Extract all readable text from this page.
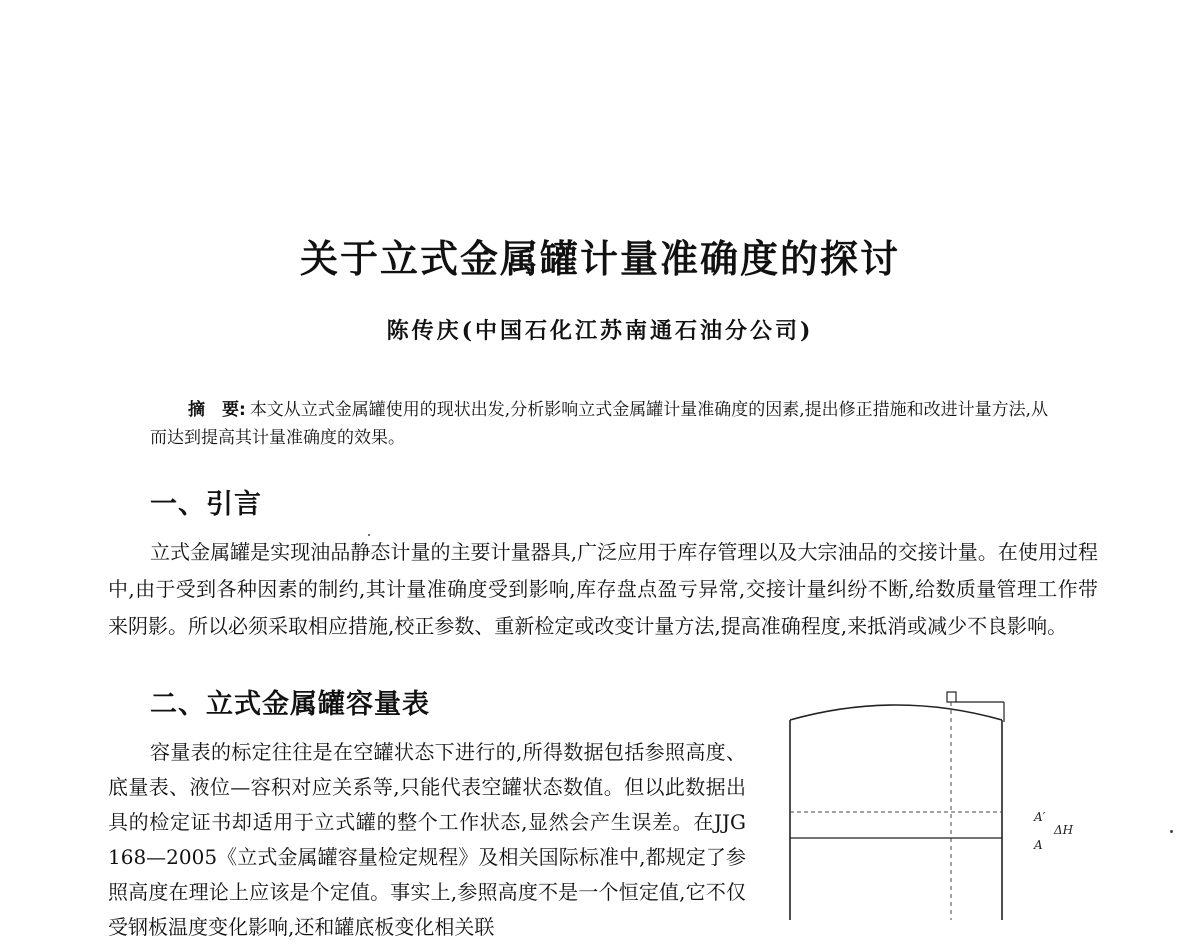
关于立式金属罐计量准确度的探讨
陈传庆(中国石化江苏南通石油分公司)
摘　要: 本文从立式金属罐使用的现状出发,分析影响立式金属罐计量准确度的因素,提出修正措施和改进计量方法,从而达到提高其计量准确度的效果。
一、引言
立式金属罐是实现油品静态计量的主要计量器具,广泛应用于库存管理以及大宗油品的交接计量。在使用过程中,由于受到各种因素的制约,其计量准确度受到影响,库存盘点盈亏异常,交接计量纠纷不断,给数质量管理工作带来阴影。所以必须采取相应措施,校正参数、重新检定或改变计量方法,提高准确程度,来抵消或减少不良影响。
二、立式金属罐容量表
容量表的标定往往是在空罐状态下进行的,所得数据包括参照高度、底量表、液位—容积对应关系等,只能代表空罐状态数值。但以此数据出具的检定证书却适用于立式罐的整个工作状态,显然会产生误差。在JJG 168—2005《立式金属罐容量检定规程》及相关国际标准中,都规定了参照高度在理论上应该是个定值。事实上,参照高度不是一个恒定值,它不仅受钢板温度变化影响,还和罐底板变化相关联
A′
A
ΔH
